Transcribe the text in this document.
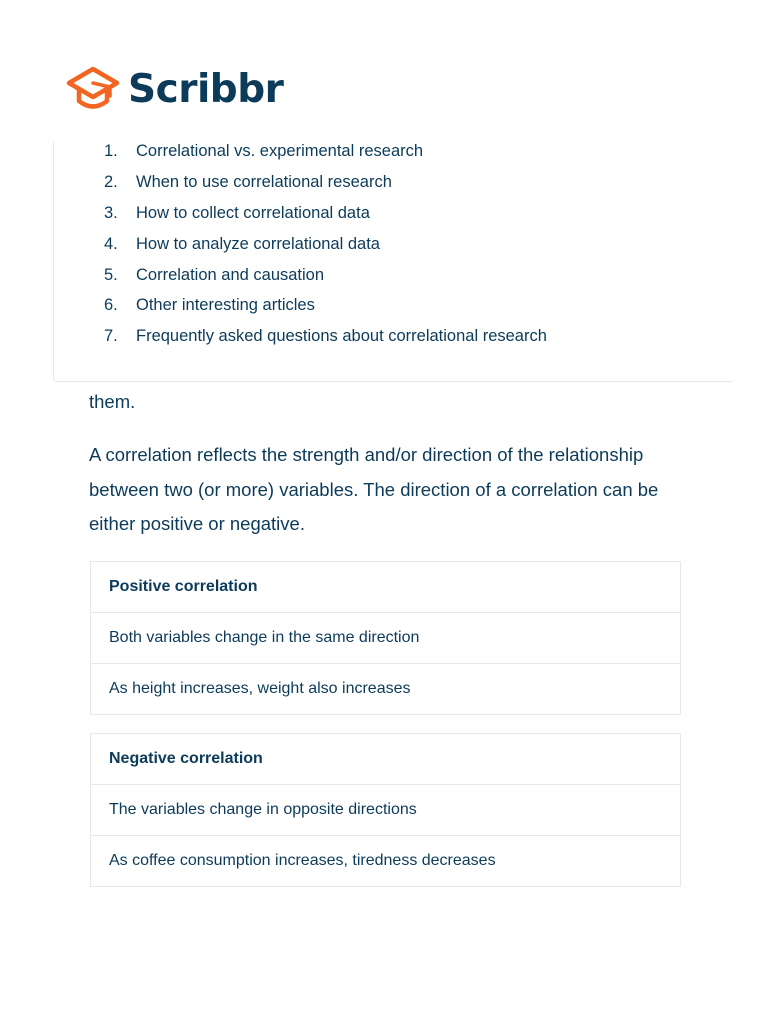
Scribbr
1.	Correlational vs. experimental research
2.	When to use correlational research
3.	How to collect correlational data
4.	How to analyze correlational data
5.	Correlation and causation
6.	Other interesting articles
7.	Frequently asked questions about correlational research

them.

A correlation reflects the strength and/or direction of the relationship between two (or more) variables. The direction of a correlation can be either positive or negative.

Positive correlation
Both variables change in the same direction
As height increases, weight also increases
Negative correlation
The variables change in opposite directions
As coffee consumption increases, tiredness decreases
